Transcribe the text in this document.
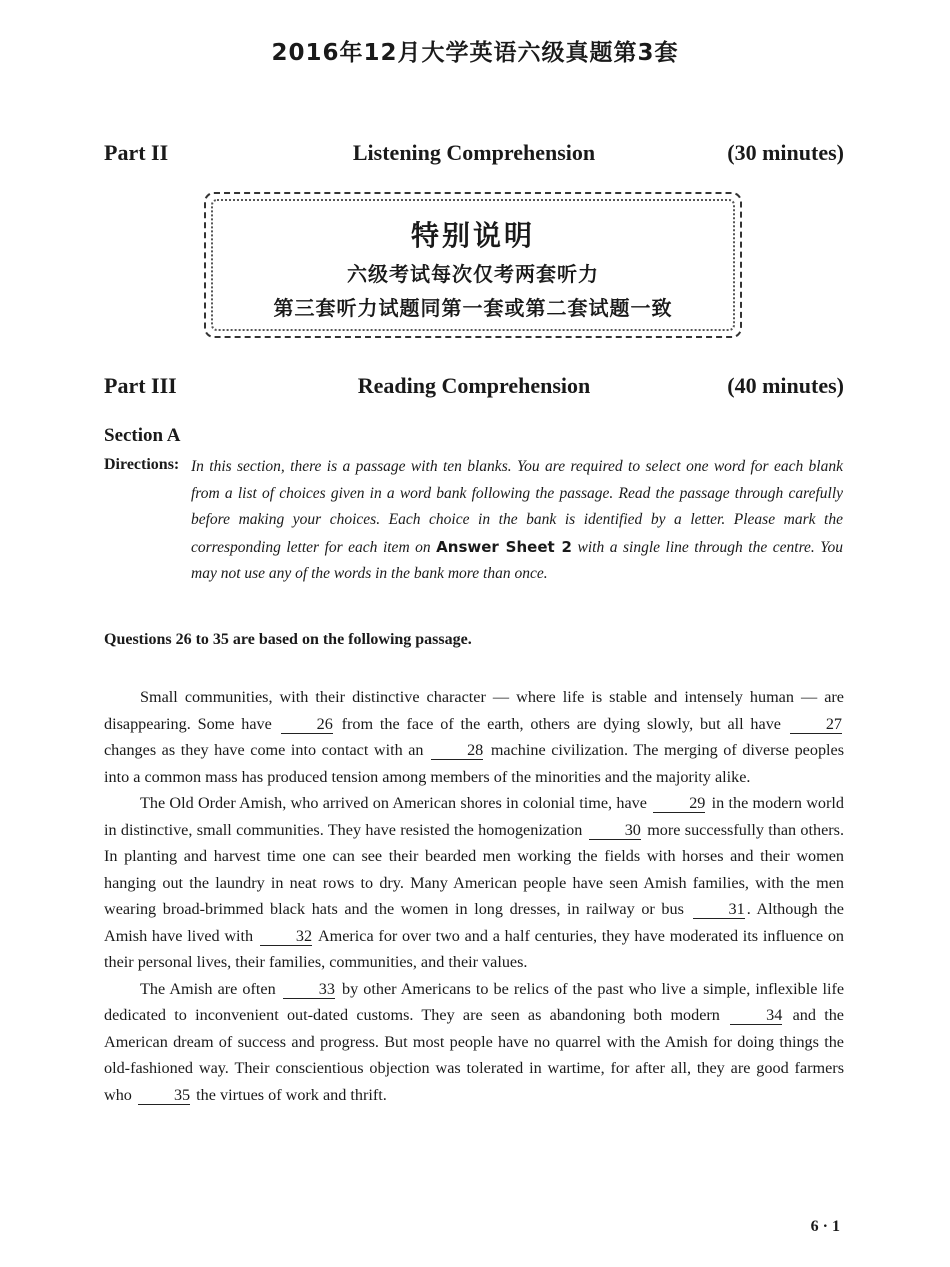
2016年12月大学英语六级真题第3套
Part II	Listening Comprehension	(30 minutes)
特别说明
六级考试每次仅考两套听力
第三套听力试题同第一套或第二套试题一致
Part III	Reading Comprehension	(40 minutes)
Section A
Directions: In this section, there is a passage with ten blanks. You are required to select one word for each blank from a list of choices given in a word bank following the passage. Read the passage through carefully before making your choices. Each choice in the bank is identified by a letter. Please mark the corresponding letter for each item on Answer Sheet 2 with a single line through the centre. You may not use any of the words in the bank more than once.

Questions 26 to 35 are based on the following passage.

Small communities, with their distinctive character — where life is stable and intensely human — are disappearing. Some have	26 from the face of the earth, others are dying slowly, but all have	27 changes as they have come into contact with an	28 machine civilization. The merging of diverse peoples into a common mass has produced tension among members of the minorities and the majority alike.

The Old Order Amish, who arrived on American shores in colonial time, have	29 in the modern world in distinctive, small communities. They have resisted the homogenization	30 more successfully than others. In planting and harvest time one can see their bearded men working the fields with horses and their women hanging out the laundry in neat rows to dry. Many American people have seen Amish families, with the men wearing broad-brimmed black hats and the women in long dresses, in railway or bus	31 . Although the Amish have lived with	32 America for over two and a half centuries, they have moderated its influence on their personal lives, their families, communities, and their values.

The Amish are often	33 by other Americans to be relics of the past who live a simple, inflexible life dedicated to inconvenient out-dated customs. They are seen as abandoning both modern	34 and the American dream of success and progress. But most people have no quarrel with the Amish for doing things the old-fashioned way. Their conscientious objection was tolerated in wartime, for after all, they are good farmers who	35 the virtues of work and thrift.

6 · 1
